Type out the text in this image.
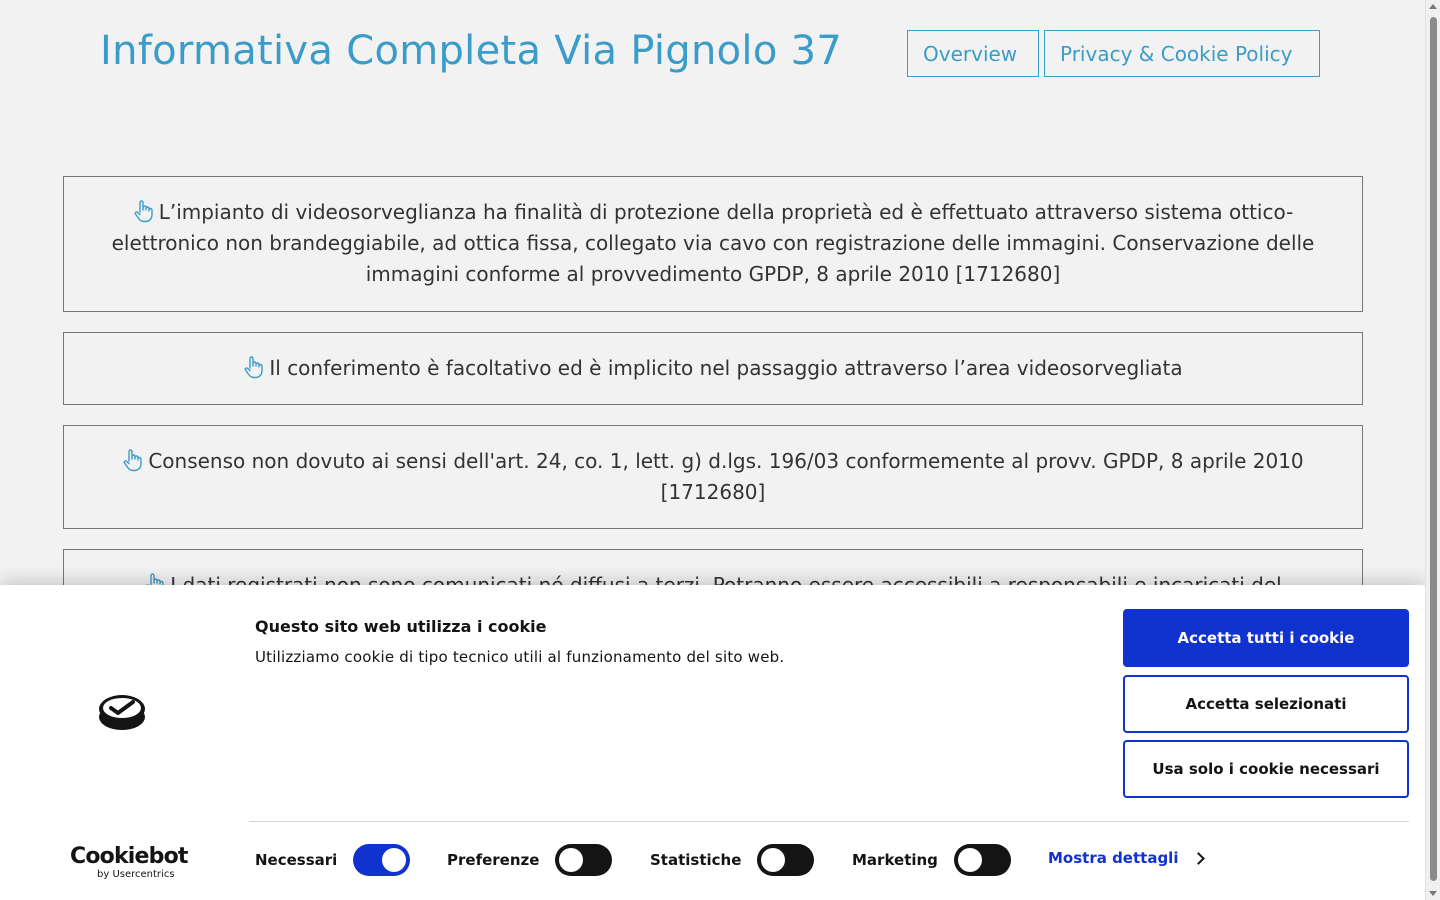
Informativa Completa Via Pignolo 37	Overview	Privacy & Cookie Policy
L’impianto di videosorveglianza ha finalità di protezione della proprietà ed è effettuato attraverso sistema ottico-elettronico non brandeggiabile, ad ottica fissa, collegato via cavo con registrazione delle immagini. Conservazione delle immagini conforme al provvedimento GPDP, 8 aprile 2010 [1712680]
Il conferimento è facoltativo ed è implicito nel passaggio attraverso l’area videosorvegliata
Consenso non dovuto ai sensi dell'art. 24, co. 1, lett. g) d.lgs. 196/03 conformemente al provv. GPDP, 8 aprile 2010 [1712680]

Questo sito web utilizza i cookie

Utilizziamo cookie di tipo tecnico utili al funzionamento del sito web.

Accetta tutti i cookie
Accetta selezionati
Usa solo i cookie necessari
Cookiebot
by Usercentrics
Necessari	Preferenze	Statistiche	Marketing	Mostra dettagli
